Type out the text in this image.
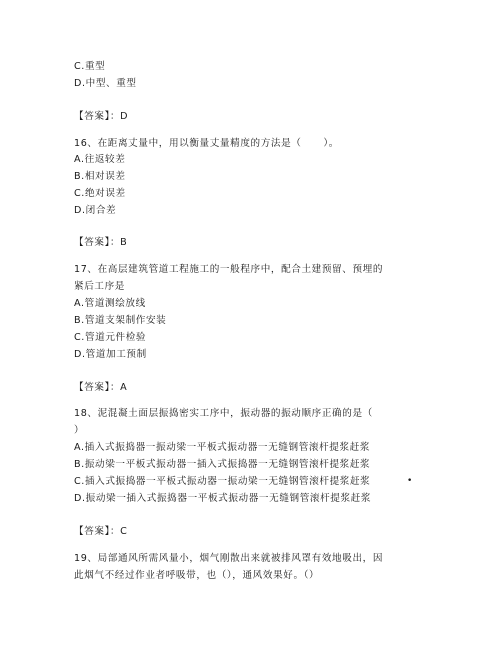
C.重型
D.中型、重型
【答案】：D
16、在距离丈量中，用以衡量丈量精度的方法是（      ）。
A.往返较差
B.相对误差
C.绝对误差
D.闭合差
【答案】：B
17、在高层建筑管道工程施工的一般程序中，配合土建预留、预埋的
紧后工序是
A.管道测绘放线
B.管道支架制作安装
C.管道元件检验
D.管道加工预制
【答案】：A
18、泥混凝土面层振捣密实工序中，振动器的振动顺序正确的是（
）
A.插入式振捣器一振动梁一平板式振动器一无缝钢管滚杆提浆赶浆
B.振动梁一平板式振动器一插入式振捣器一无缝钢管滚杆提浆赶浆
C.插入式振捣器一平板式振动器一振动梁一无缝钢管滚杆提浆赶浆	•
D.振动梁一插入式振捣器一平板式振动器一无缝钢管滚杆提浆赶浆
【答案】：C
19、局部通风所需风量小，烟气刚散出来就被排风罩有效地吸出，因
此烟气不经过作业者呼吸带，也（），通风效果好。（）
